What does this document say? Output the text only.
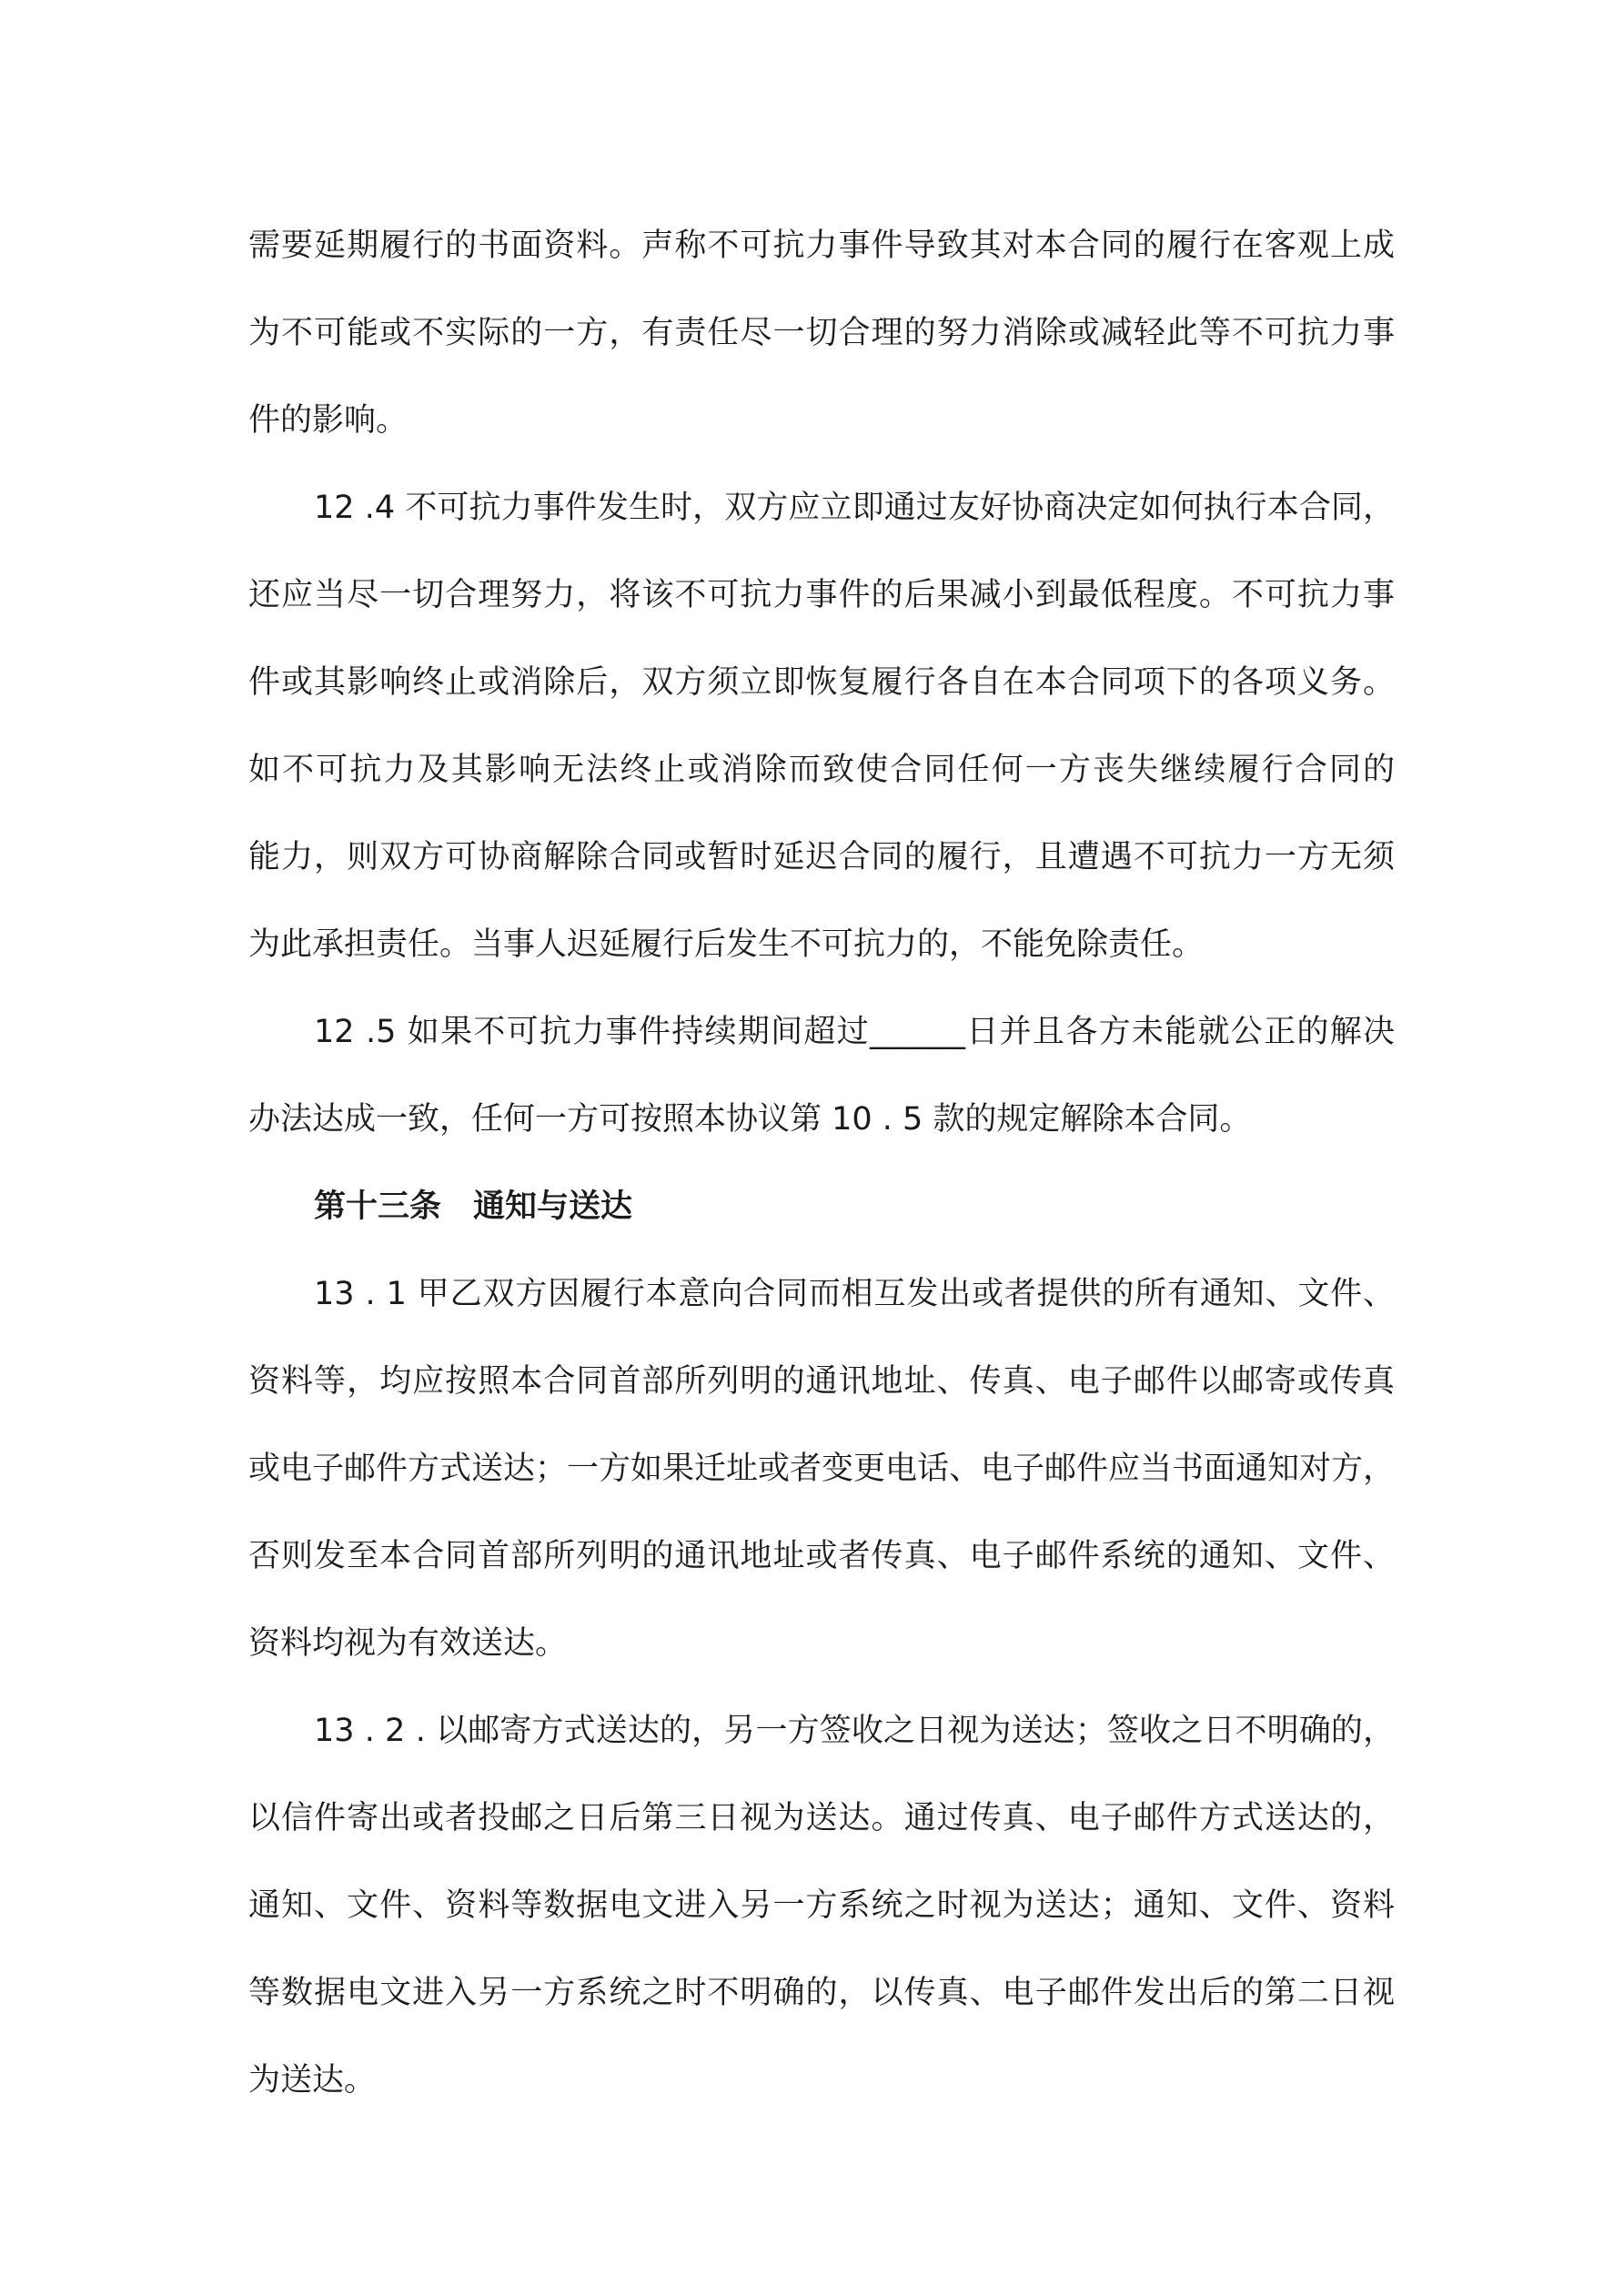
需要延期履行的书面资料。声称不可抗力事件导致其对本合同的履行在客观上成
为不可能或不实际的一方，有责任尽一切合理的努力消除或减轻此等不可抗力事
件的影响。
12 .4 不可抗力事件发生时，双方应立即通过友好协商决定如何执行本合同，
还应当尽一切合理努力，将该不可抗力事件的后果减小到最低程度。不可抗力事
件或其影响终止或消除后，双方须立即恢复履行各自在本合同项下的各项义务。
如不可抗力及其影响无法终止或消除而致使合同任何一方丧失继续履行合同的
能力，则双方可协商解除合同或暂时延迟合同的履行，且遭遇不可抗力一方无须
为此承担责任。当事人迟延履行后发生不可抗力的，不能免除责任。
12 .5 如果不可抗力事件持续期间超过______日并且各方未能就公正的解决
办法达成一致，任何一方可按照本协议第 10 . 5 款的规定解除本合同。
第十三条　通知与送达
13 . 1 甲乙双方因履行本意向合同而相互发出或者提供的所有通知、文件、
资料等，均应按照本合同首部所列明的通讯地址、传真、电子邮件以邮寄或传真
或电子邮件方式送达；一方如果迁址或者变更电话、电子邮件应当书面通知对方，
否则发至本合同首部所列明的通讯地址或者传真、电子邮件系统的通知、文件、
资料均视为有效送达。
13 . 2 . 以邮寄方式送达的，另一方签收之日视为送达；签收之日不明确的，
以信件寄出或者投邮之日后第三日视为送达。通过传真、电子邮件方式送达的，
通知、文件、资料等数据电文进入另一方系统之时视为送达；通知、文件、资料
等数据电文进入另一方系统之时不明确的，以传真、电子邮件发出后的第二日视
为送达。
